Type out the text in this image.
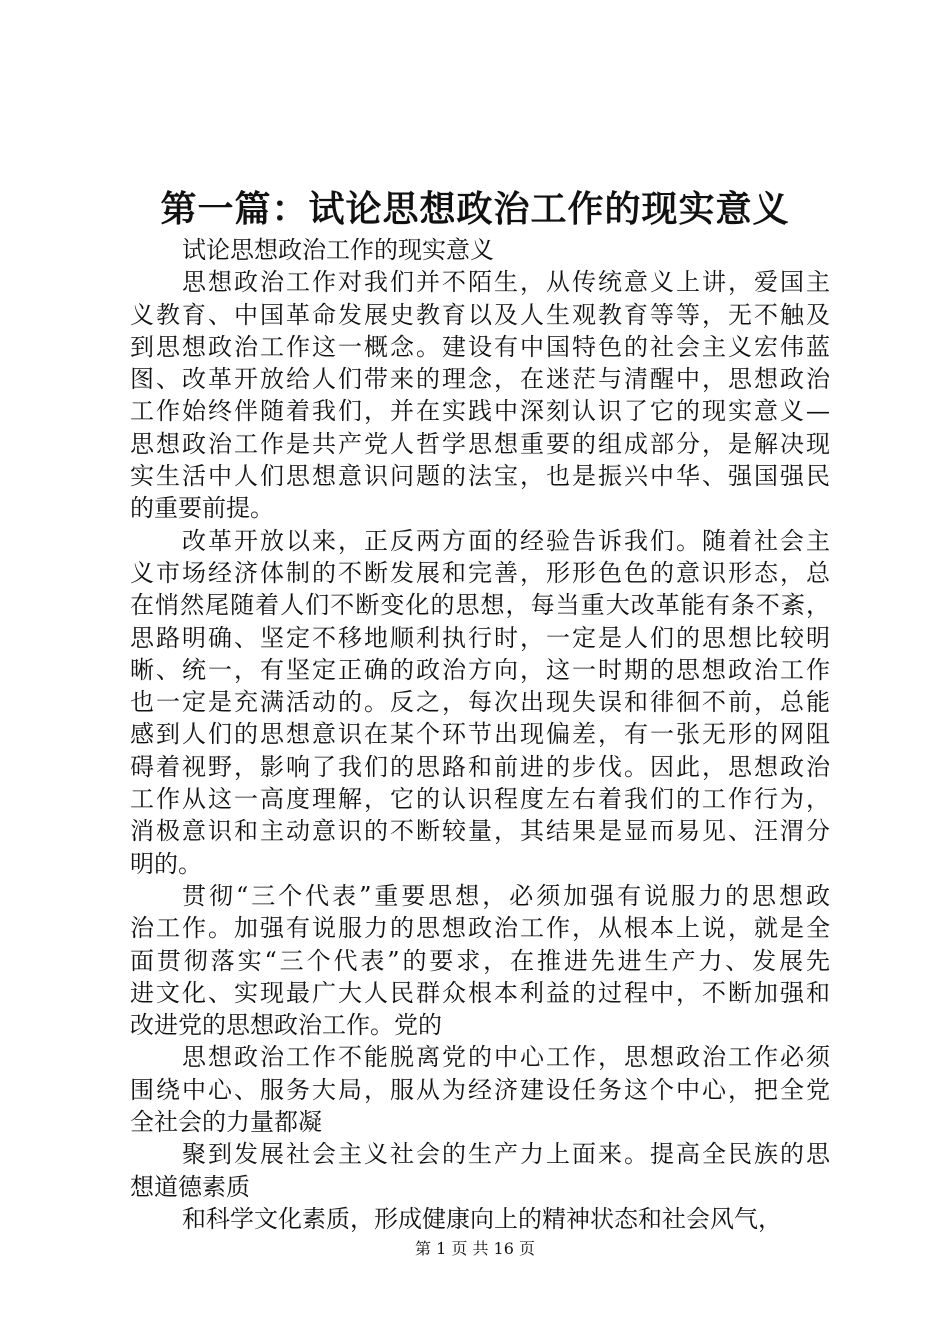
第一篇：试论思想政治工作的现实意义
试论思想政治工作的现实意义
思想政治工作对我们并不陌生，从传统意义上讲，爱国主
义教育、中国革命发展史教育以及人生观教育等等，无不触及
到思想政治工作这一概念。建设有中国特色的社会主义宏伟蓝
图、改革开放给人们带来的理念，在迷茫与清醒中，思想政治
工作始终伴随着我们，并在实践中深刻认识了它的现实意义—
思想政治工作是共产党人哲学思想重要的组成部分，是解决现
实生活中人们思想意识问题的法宝，也是振兴中华、强国强民
的重要前提。
改革开放以来，正反两方面的经验告诉我们。随着社会主
义市场经济体制的不断发展和完善，形形色色的意识形态，总
在悄然尾随着人们不断变化的思想，每当重大改革能有条不紊，
思路明确、坚定不移地顺利执行时，一定是人们的思想比较明
晰、统一，有坚定正确的政治方向，这一时期的思想政治工作
也一定是充满活动的。反之，每次出现失误和徘徊不前，总能
感到人们的思想意识在某个环节出现偏差，有一张无形的网阻
碍着视野，影响了我们的思路和前进的步伐。因此，思想政治
工作从这一高度理解，它的认识程度左右着我们的工作行为，
消极意识和主动意识的不断较量，其结果是显而易见、汪渭分
明的。
贯彻“三个代表”重要思想，必须加强有说服力的思想政
治工作。加强有说服力的思想政治工作，从根本上说，就是全
面贯彻落实“三个代表”的要求，在推进先进生产力、发展先
进文化、实现最广大人民群众根本利益的过程中，不断加强和
改进党的思想政治工作。党的
思想政治工作不能脱离党的中心工作，思想政治工作必须
围绕中心、服务大局，服从为经济建设任务这个中心，把全党
全社会的力量都凝
聚到发展社会主义社会的生产力上面来。提高全民族的思
想道德素质
和科学文化素质，形成健康向上的精神状态和社会风气，
第 1 页 共 16 页
